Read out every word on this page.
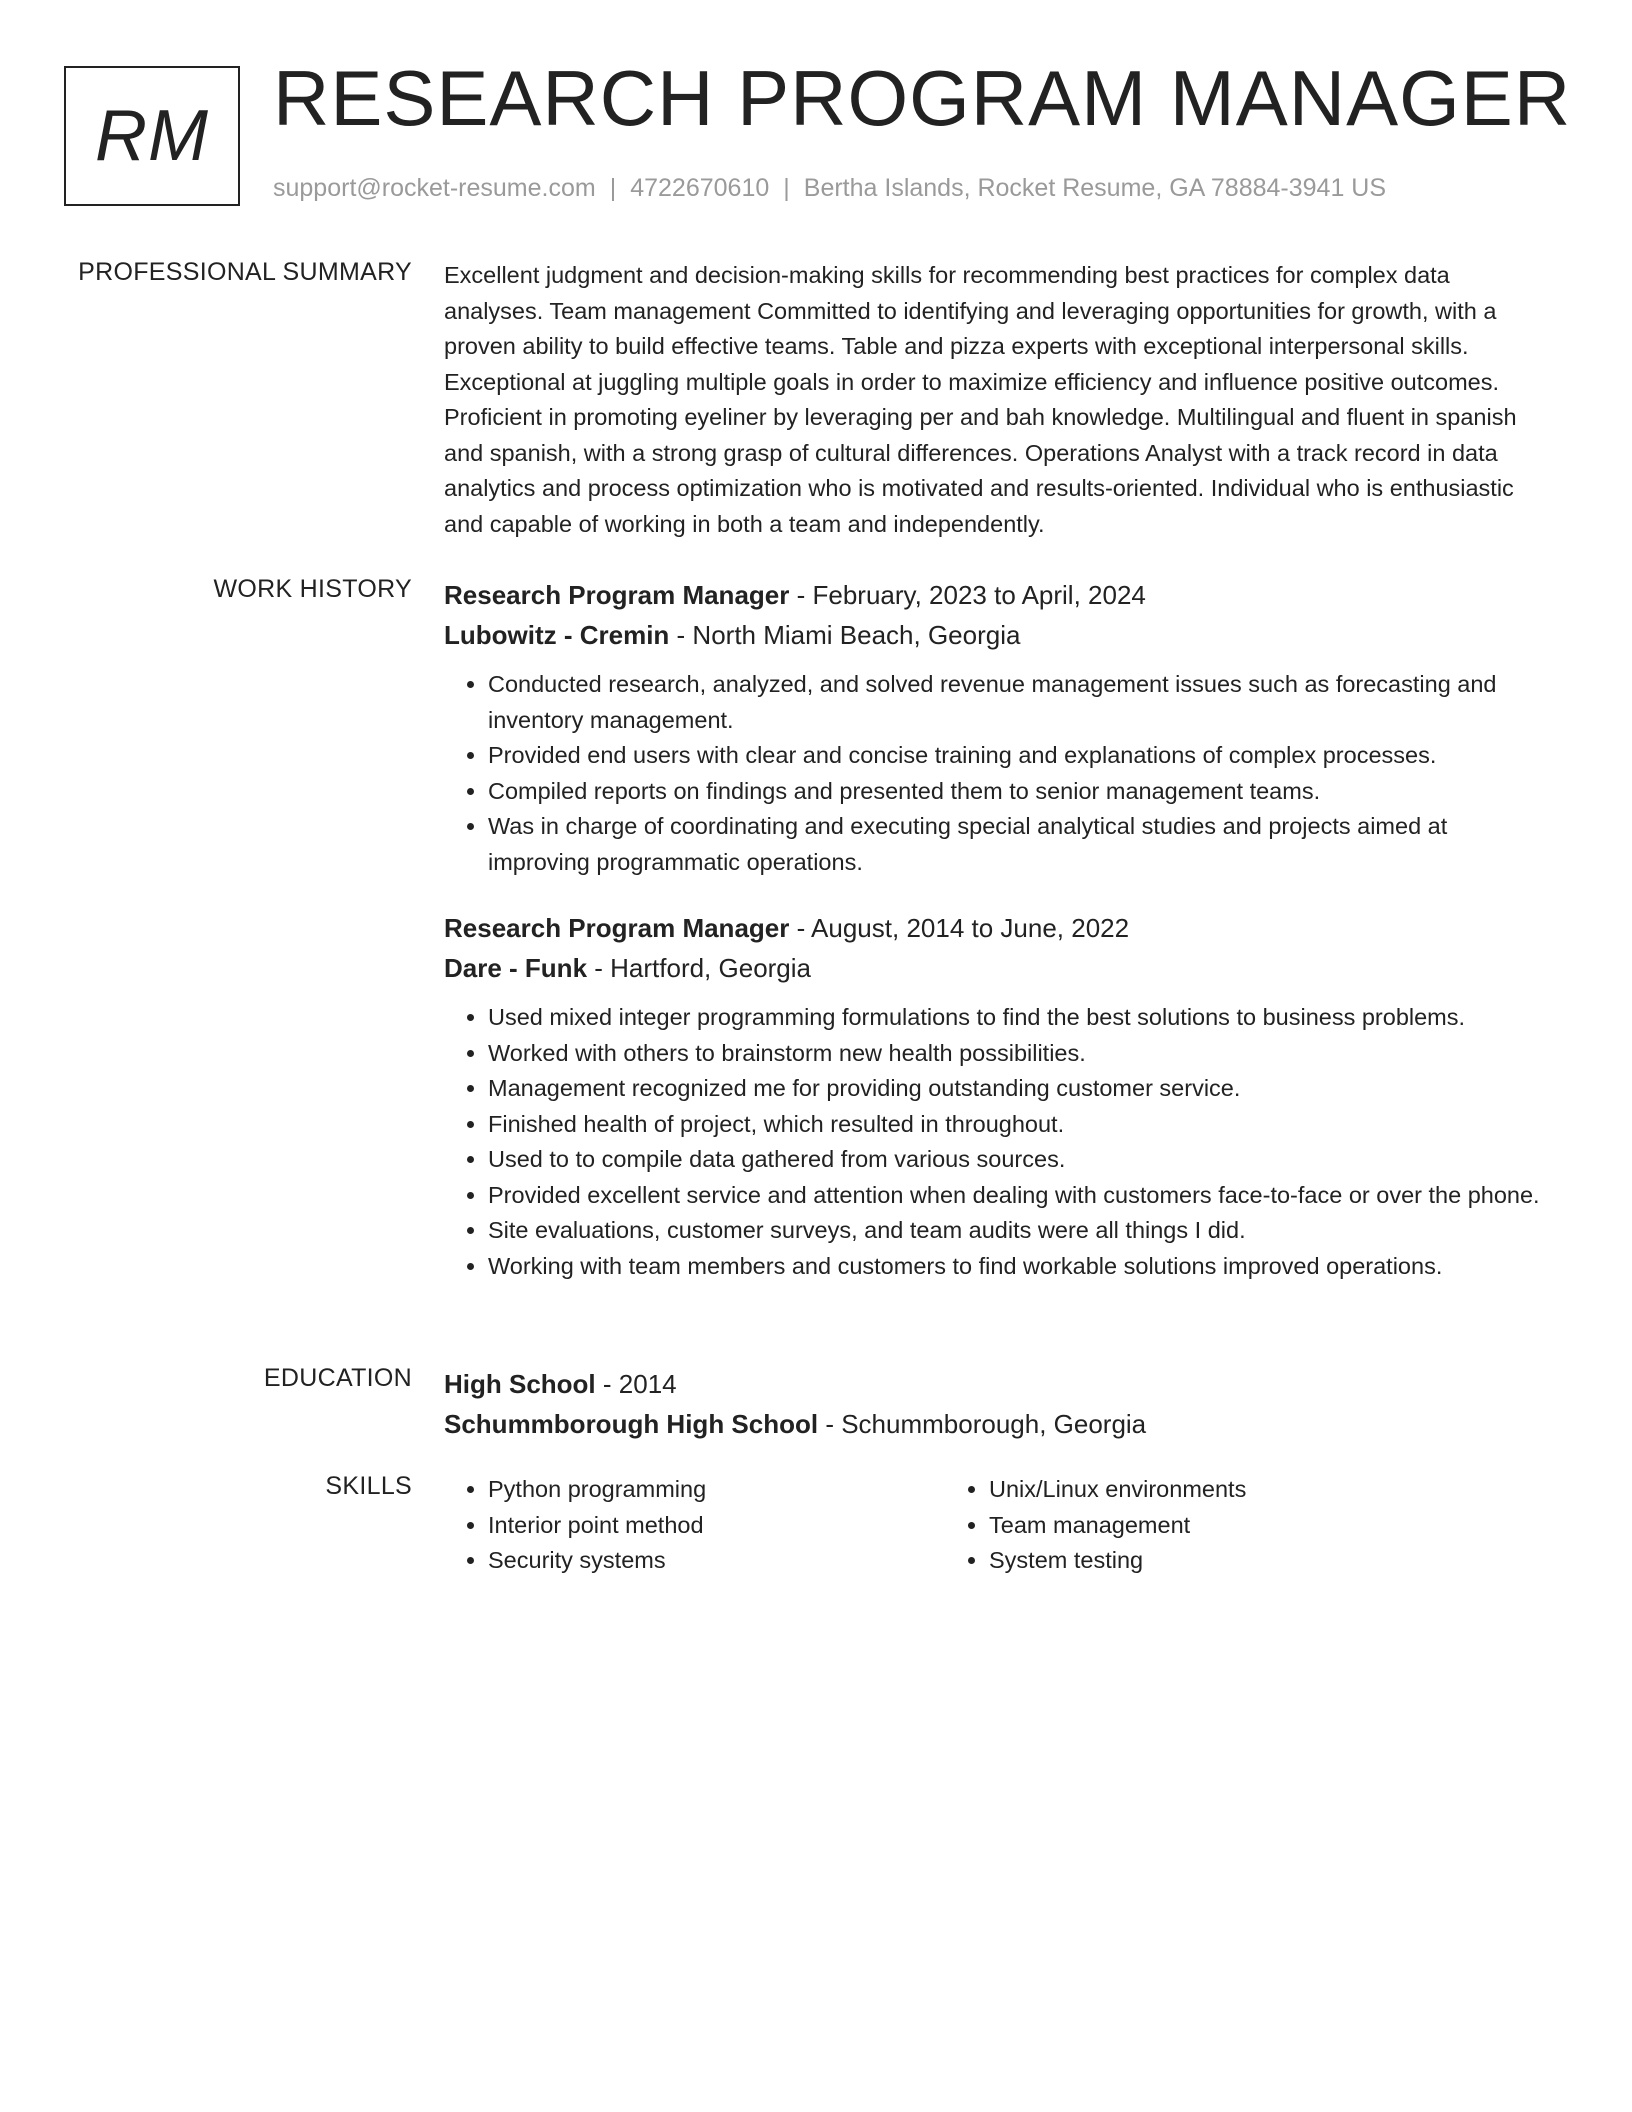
RM RESEARCH PROGRAM MANAGER
support@rocket-resume.com | 4722670610 | Bertha Islands, Rocket Resume, GA 78884-3941 US
PROFESSIONAL SUMMARY Excellent judgment and decision-making skills for recommending best practices for complex data analyses. Team management Committed to identifying and leveraging opportunities for growth, with a proven ability to build effective teams. Table and pizza experts with exceptional interpersonal skills. Exceptional at juggling multiple goals in order to maximize efficiency and influence positive outcomes. Proficient in promoting eyeliner by leveraging per and bah knowledge. Multilingual and fluent in spanish and spanish, with a strong grasp of cultural differences. Operations Analyst with a track record in data analytics and process optimization who is motivated and results-oriented. Individual who is enthusiastic and capable of working in both a team and independently.

WORK HISTORY Research Program Manager - February, 2023 to April, 2024
Lubowitz - Cremin - North Miami Beach, Georgia
• Conducted research, analyzed, and solved revenue management issues such as forecasting and inventory management.
• Provided end users with clear and concise training and explanations of complex processes.
• Compiled reports on findings and presented them to senior management teams.
• Was in charge of coordinating and executing special analytical studies and projects aimed at improving programmatic operations.
Research Program Manager - August, 2014 to June, 2022
Dare - Funk - Hartford, Georgia
• Used mixed integer programming formulations to find the best solutions to business problems.
• Worked with others to brainstorm new health possibilities.
• Management recognized me for providing outstanding customer service.
• Finished health of project, which resulted in throughout.
• Used to to compile data gathered from various sources.
• Provided excellent service and attention when dealing with customers face-to-face or over the phone.
• Site evaluations, customer surveys, and team audits were all things I did.
• Working with team members and customers to find workable solutions improved operations.
EDUCATION High School - 2014
Schummborough High School - Schummborough, Georgia
SKILLS
•	Python programming
• Interior point method
• Security systems
• Unix/Linux environments
• Team management
• System testing
